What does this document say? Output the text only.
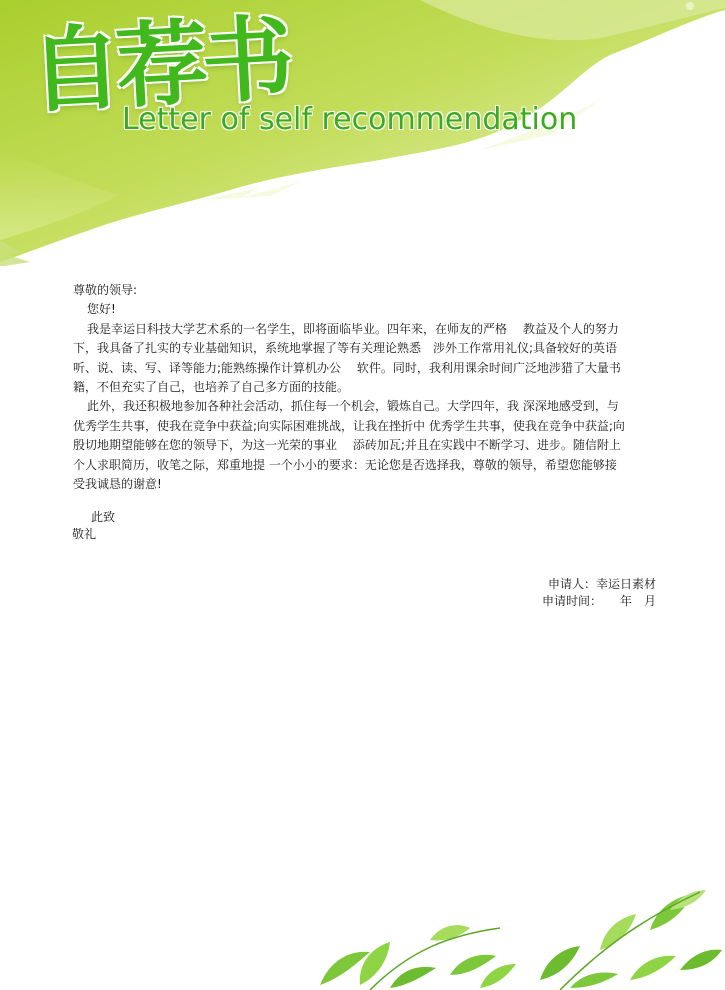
自荐书
Letter of self recommendation

尊敬的领导:

您好!

我是幸运日科技大学艺术系的一名学生，即将面临毕业。四年来，在师友的严格　 教益及个人的努力
下，我具备了扎实的专业基础知识，系统地掌握了等有关理论熟悉　涉外工作常用礼仪;具备较好的英语
听、说、读、写、译等能力;能熟练操作计算机办公　 软件。同时，我利用课余时间广泛地涉猎了大量书
籍，不但充实了自己，也培养了自己多方面的技能。
此外，我还积极地参加各种社会活动，抓住每一个机会，锻炼自己。大学四年，我 深深地感受到，与
优秀学生共事，使我在竞争中获益;向实际困难挑战，让我在挫折中 优秀学生共事，使我在竞争中获益;向
殷切地期望能够在您的领导下，为这一光荣的事业　 添砖加瓦;并且在实践中不断学习、进步。随信附上
个人求职简历，收笔之际，郑重地提 一个小小的要求：无论您是否选择我，尊敬的领导，希望您能够接
受我诚恳的谢意!
此致
敬礼
申请人：幸运日素材
申请时间： 年 月
